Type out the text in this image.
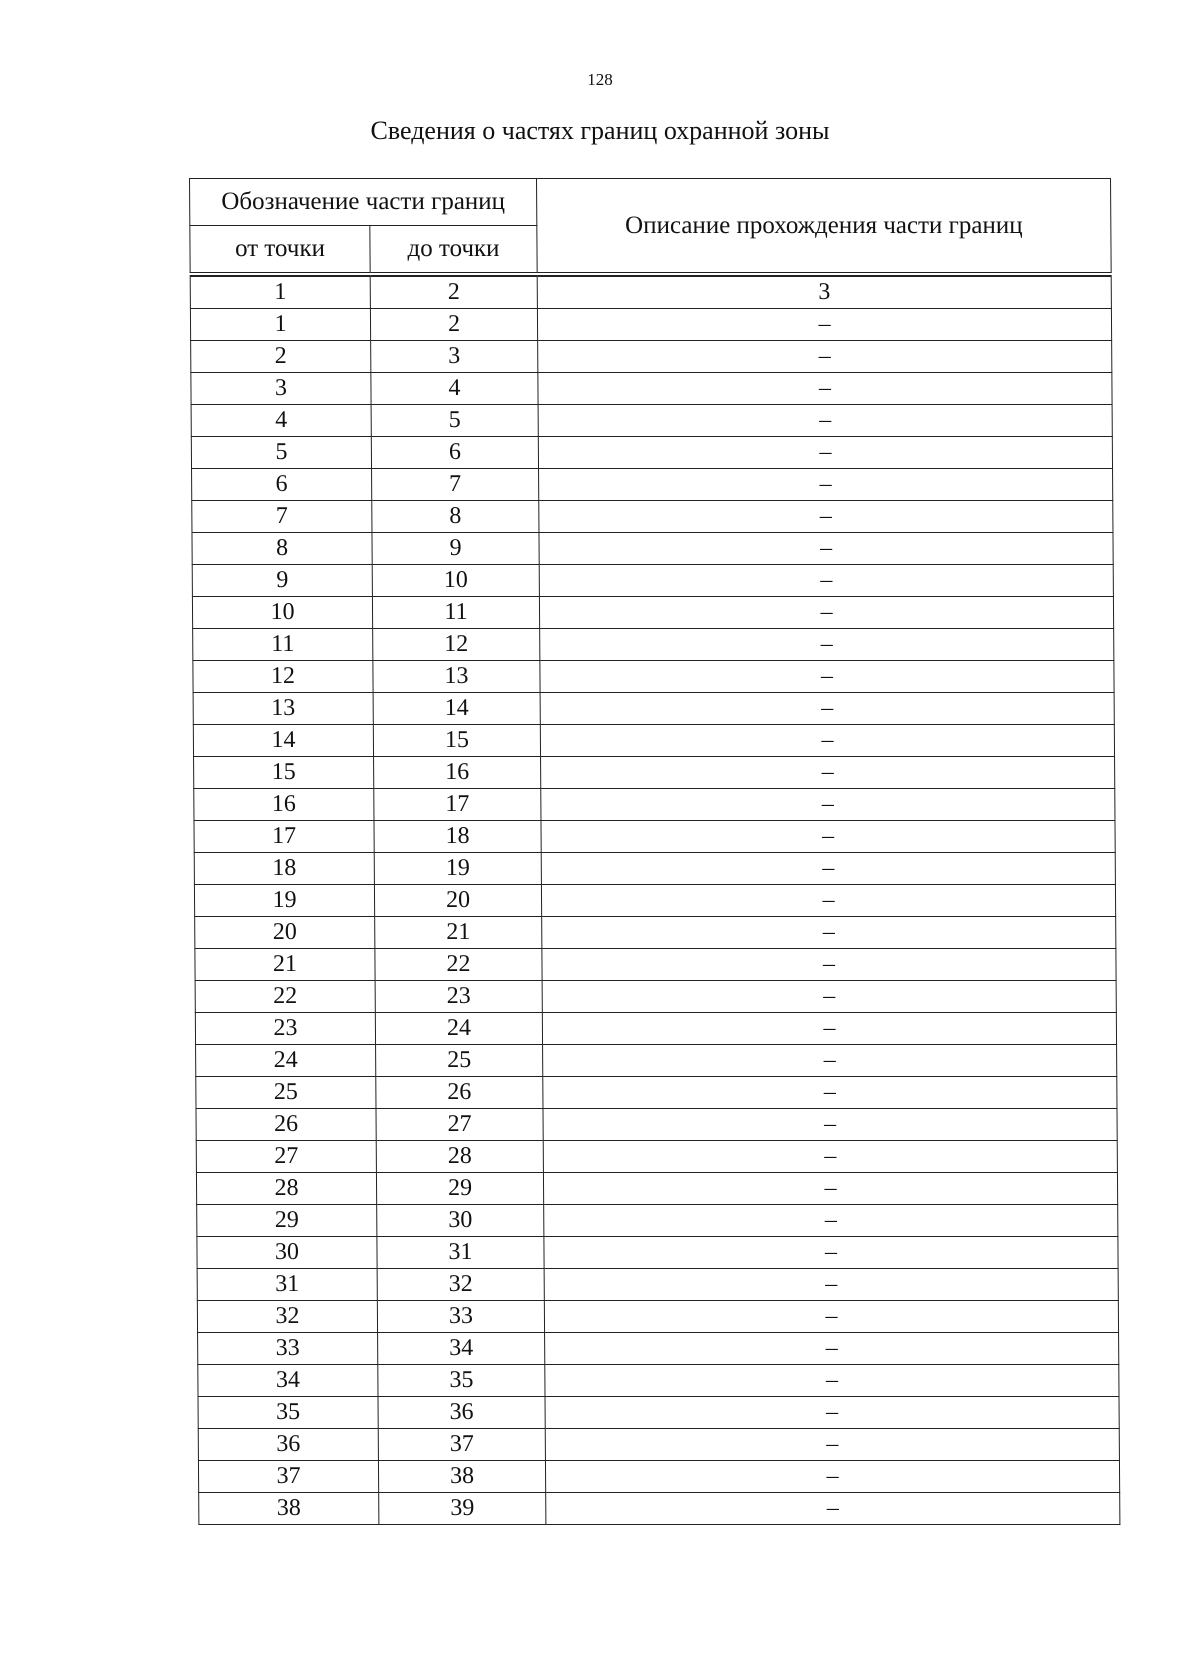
128
Сведения о частях границ охранной зоны
Обозначение части границ		Описание прохождения части границ
от точки	до точки	

1	2	3
1	2	–
2	3	–
3	4	–
4	5	–
5	6	–
6	7	–
7	8	–
8	9	–
9	10	–
10	11	–
11	12	–
12	13	–
13	14	–
14	15	–
15	16	–
16	17	–
17	18	–
18	19	–
19	20	–
20	21	–
21	22	–
22	23	–
23	24	–
24	25	–
25	26	–
26	27	–
27	28	–
28	29	–
29	30	–
30	31	–
31	32	–
32	33	–
33	34	–
34	35	–
35	36	–
36	37	–
37	38	–
38	39	–
